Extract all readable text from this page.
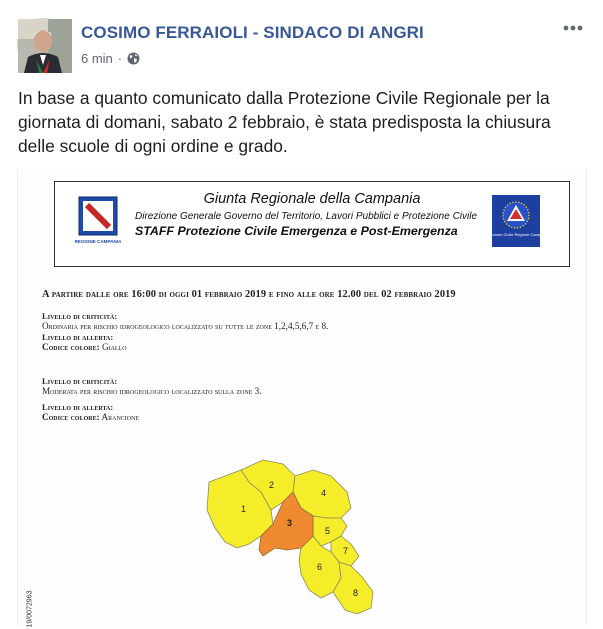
COSIMO FERRAIOLI - SINDACO DI ANGRI
6 min ·
In base a quanto comunicato dalla Protezione Civile Regionale per la giornata di domani, sabato 2 febbraio, è stata predisposta la chiusura delle scuole di ogni ordine e grado.
REGIONE CAMPANIA
Giunta Regionale della Campania
Direzione Generale Governo del Territorio, Lavori Pubblici e Protezione Civile
STAFF Protezione Civile Emergenza e Post-Emergenza	Protezione Civile Regione Campania
A partire dalle ore 16:00 di oggi 01 febbraio 2019 e fino alle ore 12.00 del 02 febbraio 2019
Livello di criticità:
Ordinaria per rischio idrogeologico localizzato su tutte le zone 1,2,4,5,6,7 e 8.
Livello di allerta:
Codice colore: Giallo
Livello di criticità:
Moderata per rischio idrogeologico localizzato sulla zone 3.
Livello di allerta:
Codice colore: Arancione
1
2
3
4
5
6
7
8
19/0072963
